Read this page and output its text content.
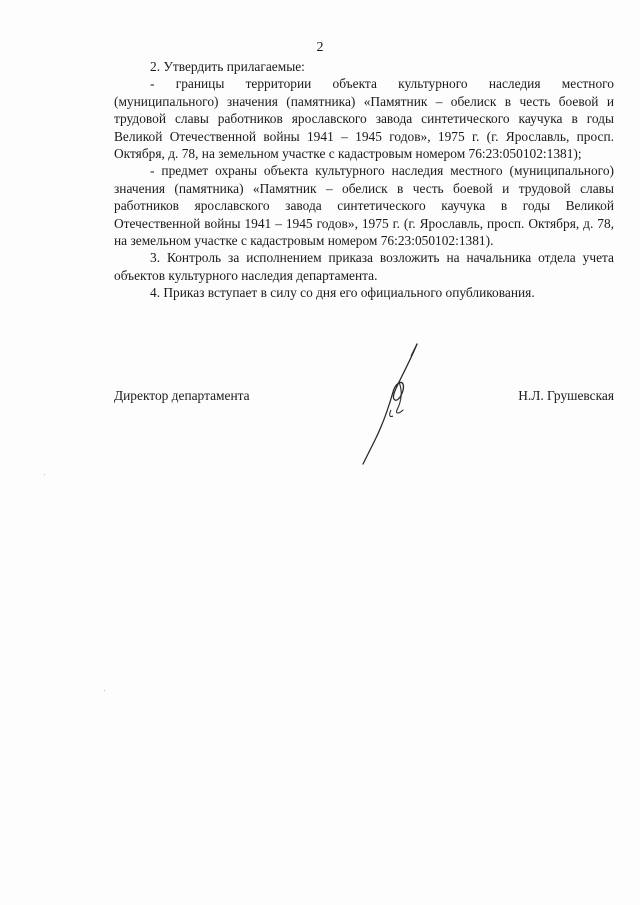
2

2. Утвердить прилагаемые:

- границы территории объекта культурного наследия местного (муниципального) значения (памятника) «Памятник – обелиск в честь боевой и трудовой славы работников ярославского завода синтетического каучука в годы Великой Отечественной войны 1941 – 1945 годов», 1975 г. (г. Ярославль, просп. Октября, д. 78, на земельном участке с кадастровым номером 76:23:050102:1381);

- предмет охраны объекта культурного наследия местного (муниципального) значения (памятника) «Памятник – обелиск в честь боевой и трудовой славы работников ярославского завода синтетического каучука в годы Великой Отечественной войны 1941 – 1945 годов», 1975 г. (г. Ярославль, просп. Октября, д. 78, на земельном участке с кадастровым номером 76:23:050102:1381).

3. Контроль за исполнением приказа возложить на начальника отдела учета объектов культурного наследия департамента.

4. Приказ вступает в силу со дня его официального опубликования.

Директор департамента	Н.Л. Грушевская
